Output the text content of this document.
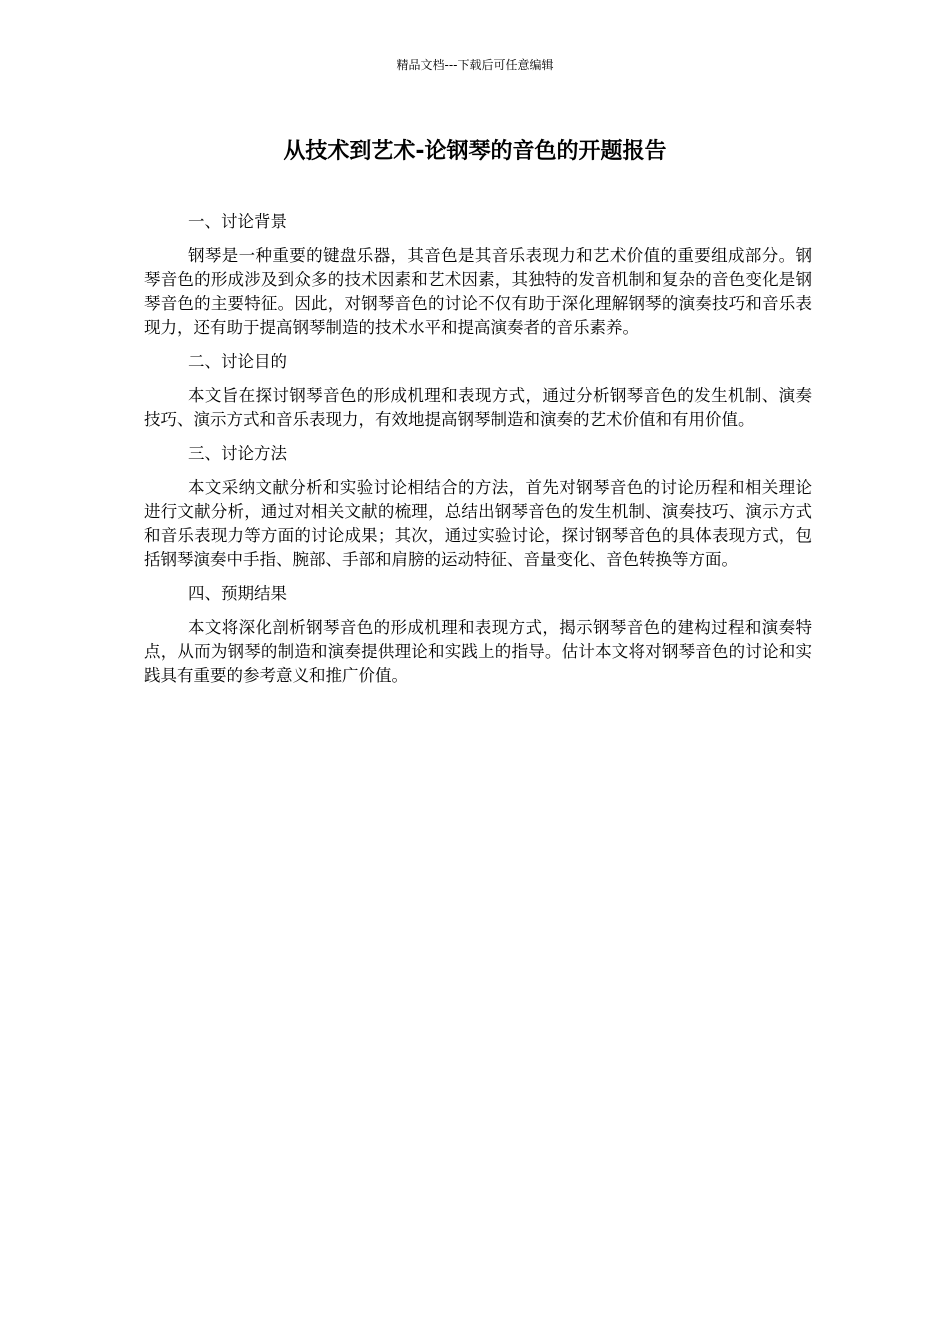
精品文档---下载后可任意编辑
从技术到艺术-论钢琴的音色的开题报告

一、讨论背景

钢琴是一种重要的键盘乐器，其音色是其音乐表现力和艺术价值的重要组成部分。钢琴音色的形成涉及到众多的技术因素和艺术因素，其独特的发音机制和复杂的音色变化是钢琴音色的主要特征。因此，对钢琴音色的讨论不仅有助于深化理解钢琴的演奏技巧和音乐表现力，还有助于提高钢琴制造的技术水平和提高演奏者的音乐素养。

二、讨论目的

本文旨在探讨钢琴音色的形成机理和表现方式，通过分析钢琴音色的发生机制、演奏技巧、演示方式和音乐表现力，有效地提高钢琴制造和演奏的艺术价值和有用价值。

三、讨论方法

本文采纳文献分析和实验讨论相结合的方法，首先对钢琴音色的讨论历程和相关理论进行文献分析，通过对相关文献的梳理，总结出钢琴音色的发生机制、演奏技巧、演示方式和音乐表现力等方面的讨论成果；其次，通过实验讨论，探讨钢琴音色的具体表现方式，包括钢琴演奏中手指、腕部、手部和肩膀的运动特征、音量变化、音色转换等方面。

四、预期结果

本文将深化剖析钢琴音色的形成机理和表现方式，揭示钢琴音色的建构过程和演奏特点，从而为钢琴的制造和演奏提供理论和实践上的指导。估计本文将对钢琴音色的讨论和实践具有重要的参考意义和推广价值。
